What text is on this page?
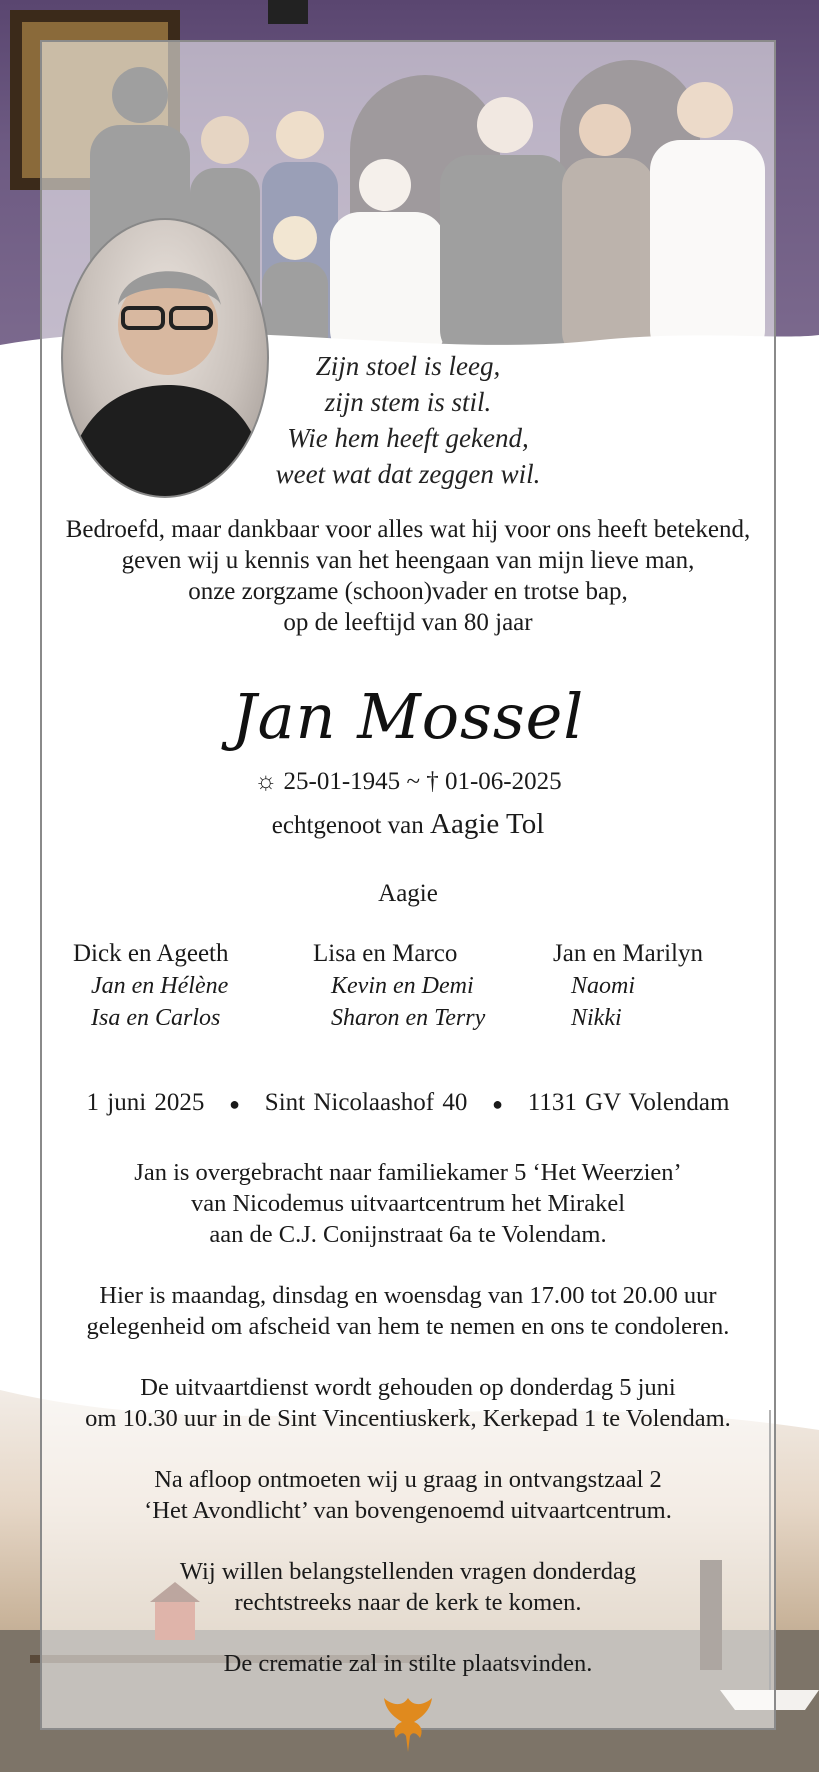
Zijn stoel is leeg,
zijn stem is stil.
Wie hem heeft gekend,
weet wat dat zeggen wil.
Bedroefd, maar dankbaar voor alles wat hij voor ons heeft betekend,
geven wij u kennis van het heengaan van mijn lieve man,
onze zorgzame (schoon)vader en trotse bap,
op de leeftijd van 80 jaar
Jan Mossel
☼ 25-01-1945 ~ † 01-06-2025
echtgenoot van Aagie Tol
Aagie
Dick en Ageeth
Jan en Hélène
Isa en Carlos
Lisa en Marco
Kevin en Demi
Sharon en Terry
Jan en Marilyn
Naomi
Nikki
1 juni 2025 ● Sint Nicolaashof 40 ● 1131 GV Volendam
Jan is overgebracht naar familiekamer 5 ‘Het Weerzien’
van Nicodemus uitvaartcentrum het Mirakel
aan de C.J. Conijnstraat 6a te Volendam.
Hier is maandag, dinsdag en woensdag van 17.00 tot 20.00 uur
gelegenheid om afscheid van hem te nemen en ons te condoleren.
De uitvaartdienst wordt gehouden op donderdag 5 juni
om 10.30 uur in de Sint Vincentiuskerk, Kerkepad 1 te Volendam.
Na afloop ontmoeten wij u graag in ontvangstzaal 2
‘Het Avondlicht’ van bovengenoemd uitvaartcentrum.
Wij willen belangstellenden vragen donderdag
rechtstreeks naar de kerk te komen.
De crematie zal in stilte plaatsvinden.
